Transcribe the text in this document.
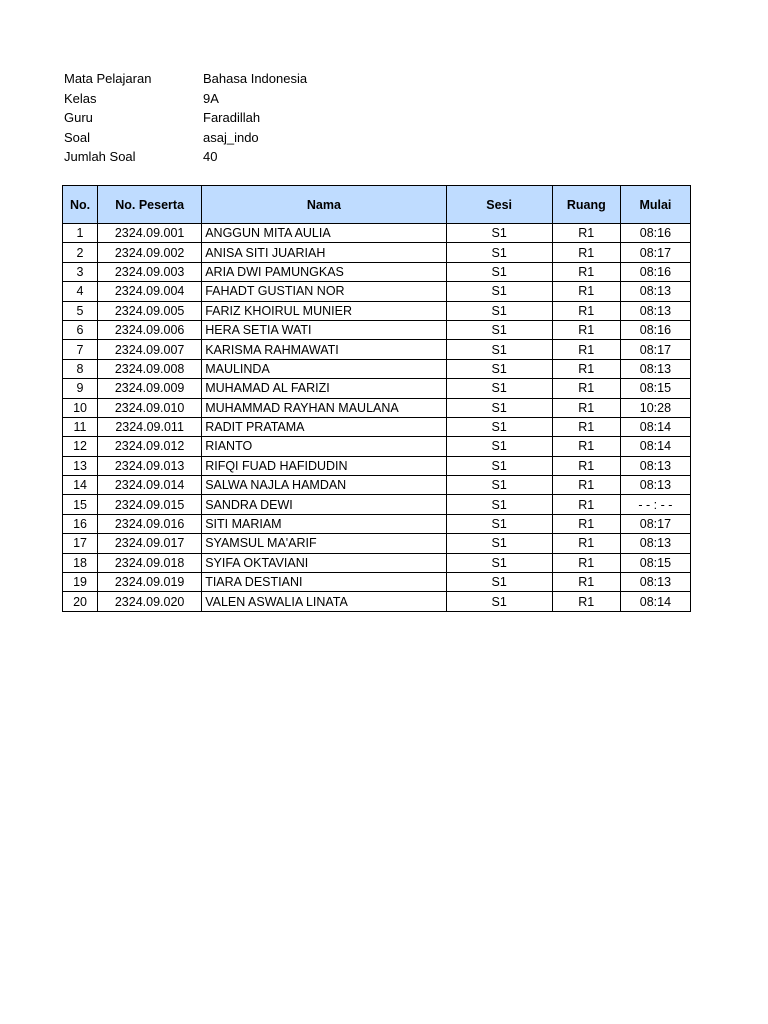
Mata Pelajaran	Bahasa Indonesia
Kelas	9A
Guru	Faradillah
Soal	asaj_indo
Jumlah Soal	40
No.	No. Peserta	Nama	Sesi	Ruang	Mulai
1	2324.09.001	ANGGUN MITA AULIA	S1	R1	08:16
2	2324.09.002	ANISA SITI JUARIAH	S1	R1	08:17
3	2324.09.003	ARIA DWI PAMUNGKAS	S1	R1	08:16
4	2324.09.004	FAHADT GUSTIAN NOR	S1	R1	08:13
5	2324.09.005	FARIZ KHOIRUL MUNIER	S1	R1	08:13
6	2324.09.006	HERA SETIA WATI	S1	R1	08:16
7	2324.09.007	KARISMA RAHMAWATI	S1	R1	08:17
8	2324.09.008	MAULINDA	S1	R1	08:13
9	2324.09.009	MUHAMAD AL FARIZI	S1	R1	08:15
10	2324.09.010	MUHAMMAD RAYHAN MAULANA	S1	R1	10:28
11	2324.09.011	RADIT PRATAMA	S1	R1	08:14
12	2324.09.012	RIANTO	S1	R1	08:14
13	2324.09.013	RIFQI FUAD HAFIDUDIN	S1	R1	08:13
14	2324.09.014	SALWA NAJLA HAMDAN	S1	R1	08:13
15	2324.09.015	SANDRA DEWI	S1	R1	- - : - -
16	2324.09.016	SITI MARIAM	S1	R1	08:17
17	2324.09.017	SYAMSUL MA'ARIF	S1	R1	08:13
18	2324.09.018	SYIFA OKTAVIANI	S1	R1	08:15
19	2324.09.019	TIARA DESTIANI	S1	R1	08:13
20	2324.09.020	VALEN ASWALIA LINATA	S1	R1	08:14
